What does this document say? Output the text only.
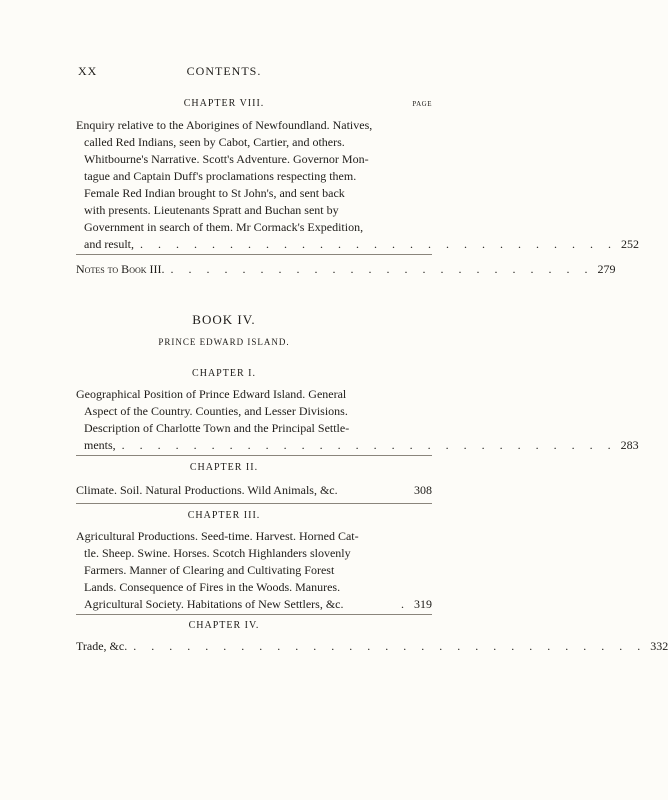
XX	CONTENTS.
CHAPTER VIII.	PAGE
Enquiry relative to the Aborigines of Newfoundland. Natives,
called Red Indians, seen by Cabot, Cartier, and others.
Whitbourne's Narrative. Scott's Adventure. Governor Mon-
tague and Captain Duff's proclamations respecting them.
Female Red Indian brought to St John's, and sent back
with presents. Lieutenants Spratt and Buchan sent by
Government in search of them. Mr Cormack's Expedition,
and result, . . . . . . . . . . . . . . . . . . . . . . . . . . . 252
Notes to Book III. . . . . . . . . . . . . . . . . . . . . . . . . 279
BOOK IV.
PRINCE EDWARD ISLAND.
CHAPTER I.
Geographical Position of Prince Edward Island. General
Aspect of the Country. Counties, and Lesser Divisions.
Description of Charlotte Town and the Principal Settle-
ments, . . . . . . . . . . . . . . . . . . . . . . . . . . . . 283
CHAPTER II.
Climate. Soil. Natural Productions. Wild Animals, &c.	308
CHAPTER III.
Agricultural Productions. Seed-time. Harvest. Horned Cat-
tle. Sheep. Swine. Horses. Scotch Highlanders slovenly
Farmers. Manner of Clearing and Cultivating Forest
Lands. Consequence of Fires in the Woods. Manures.
Agricultural Society. Habitations of New Settlers, &c.	. 319
CHAPTER IV.
Trade, &c. . . . . . . . . . . . . . . . . . . . . . . . . . . . . . 332
